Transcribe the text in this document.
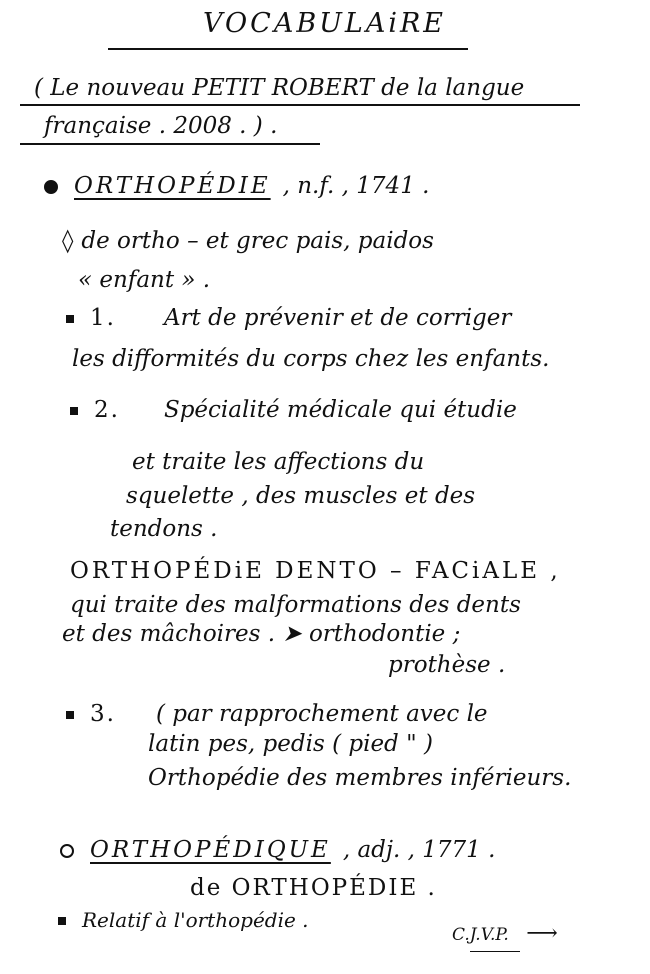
VOCABULAiRE
( Le nouveau PETIT ROBERT de la langue
française . 2008 . ) .
ORTHOPÉDIE , n.f. , 1741 .
◊ de ortho – et grec pais, paidos
« enfant » .
1. Art de prévenir et de corriger
les difformités du corps chez les enfants.
2. Spécialité médicale qui étudie
et traite les affections du
squelette , des muscles et des
tendons .
ORTHOPÉDiE DENTO – FACiALE ,
qui traite des malformations des dents
et des mâchoires . ➤ orthodontie ;
prothèse .
3. ( par rapprochement avec le
latin pes, pedis ( pied " )
Orthopédie des membres inférieurs.
ORTHOPÉDIQUE , adj. , 1771 .
de ORTHOPÉDIE .
Relatif à l'orthopédie .
C.J.V.P. ⟶
